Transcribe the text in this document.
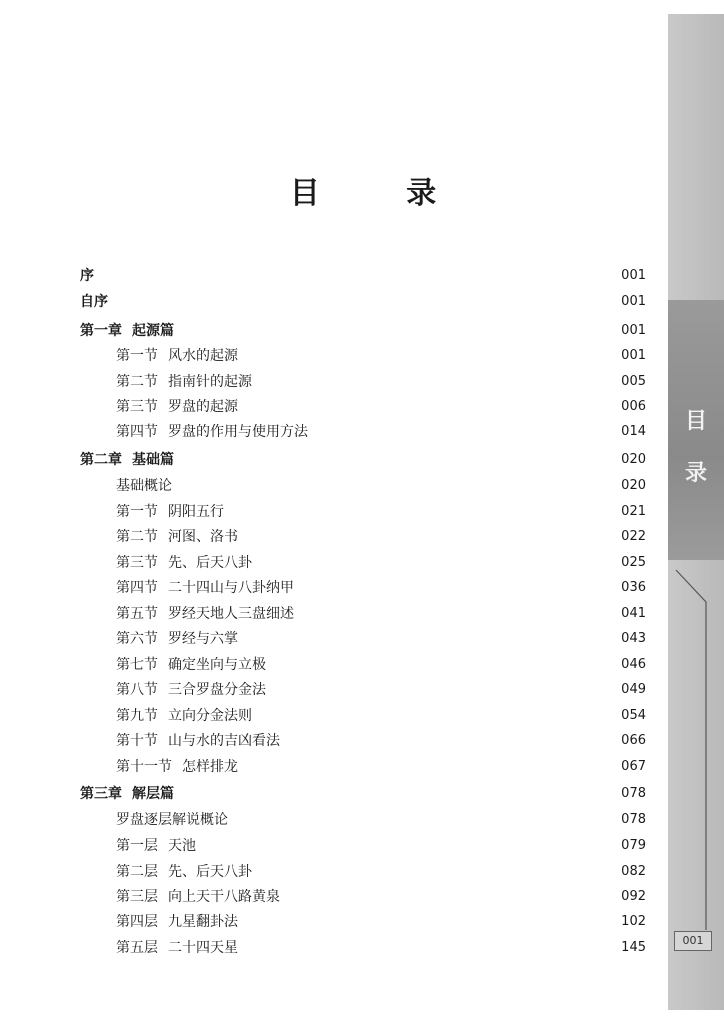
目
录
001
目 录
序	001
自序	001
第一章 起源篇	001
第一节 风水的起源	001
第二节 指南针的起源	005
第三节 罗盘的起源	006
第四节 罗盘的作用与使用方法	014
第二章 基础篇	020
基础概论	020
第一节 阴阳五行	021
第二节 河图、洛书	022
第三节 先、后天八卦	025
第四节 二十四山与八卦纳甲	036
第五节 罗经天地人三盘细述	041
第六节 罗经与六掌	043
第七节 确定坐向与立极	046
第八节 三合罗盘分金法	049
第九节 立向分金法则	054
第十节 山与水的吉凶看法	066
第十一节 怎样排龙	067
第三章 解层篇	078
罗盘逐层解说概论	078
第一层 天池	079
第二层 先、后天八卦	082
第三层 向上天干八路黄泉	092
第四层 九星翻卦法	102
第五层 二十四天星	145
